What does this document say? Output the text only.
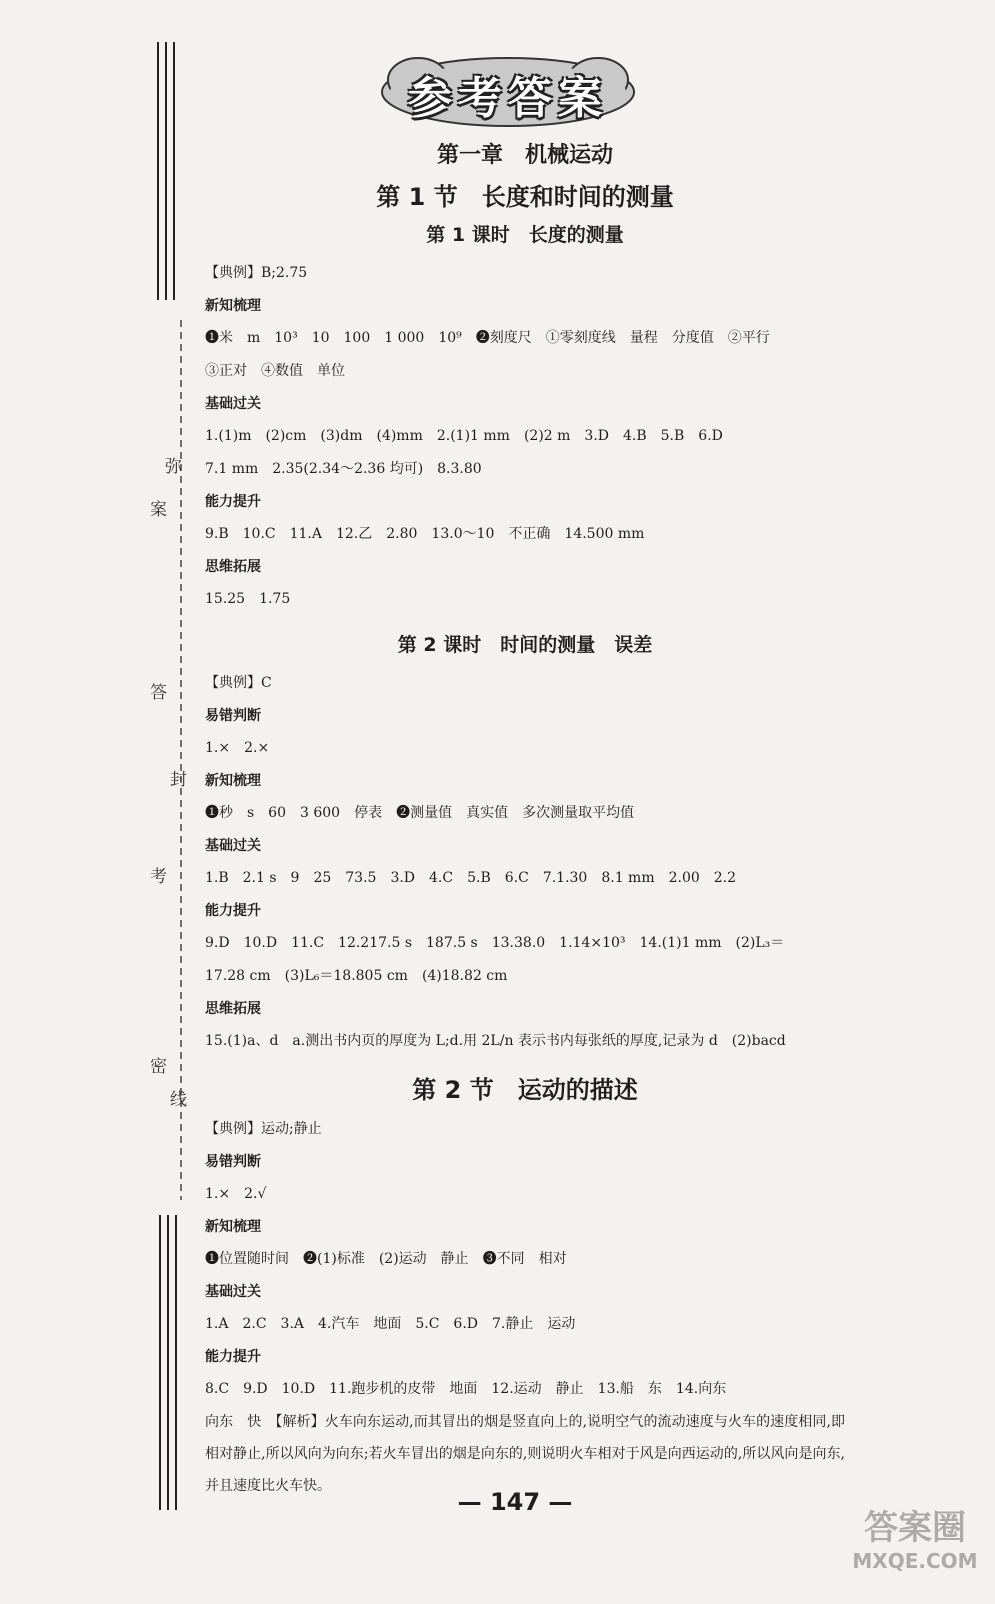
弥
案
答
封
考
密
线
参考答案
第一章　机械运动
第 1 节　长度和时间的测量
第 1 课时　长度的测量
【典例】B;2.75
新知梳理
❶米　m　10³　10　100　1 000　10⁹　❷刻度尺　①零刻度线　量程　分度值　②平行
③正对　④数值　单位
基础过关
1.(1)m　(2)cm　(3)dm　(4)mm　2.(1)1 mm　(2)2 m　3.D　4.B　5.B　6.D
7.1 mm　2.35(2.34～2.36 均可)　8.3.80
能力提升
9.B　10.C　11.A　12.乙　2.80　13.0～10　不正确　14.500 mm
思维拓展
15.25　1.75
第 2 课时　时间的测量　误差
【典例】C
易错判断
1.×　2.×
新知梳理
❶秒　s　60　3 600　停表　❷测量值　真实值　多次测量取平均值
基础过关
1.B　2.1 s　9　25　73.5　3.D　4.C　5.B　6.C　7.1.30　8.1 mm　2.00　2.2
能力提升
9.D　10.D　11.C　12.217.5 s　187.5 s　13.38.0　1.14×10³　14.(1)1 mm　(2)L₃＝
17.28 cm　(3)L₆＝18.805 cm　(4)18.82 cm
思维拓展
15.(1)a、d　a.测出书内页的厚度为 L;d.用 2L/n 表示书内每张纸的厚度,记录为 d　(2)bacd
第 2 节　运动的描述
【典例】运动;静止
易错判断
1.×　2.√
新知梳理
❶位置随时间　❷(1)标准　(2)运动　静止　❸不同　相对
基础过关
1.A　2.C　3.A　4.汽车　地面　5.C　6.D　7.静止　运动
能力提升
8.C　9.D　10.D　11.跑步机的皮带　地面　12.运动　静止　13.船　东　14.向东
向东　快　【解析】火车向东运动,而其冒出的烟是竖直向上的,说明空气的流动速度与火车的速度相同,即相对静止,所以风向为向东;若火车冒出的烟是向东的,则说明火车相对于风是向西运动的,所以风向是向东,并且速度比火车快。
— 147 —
答案圈
MXQE.COM
